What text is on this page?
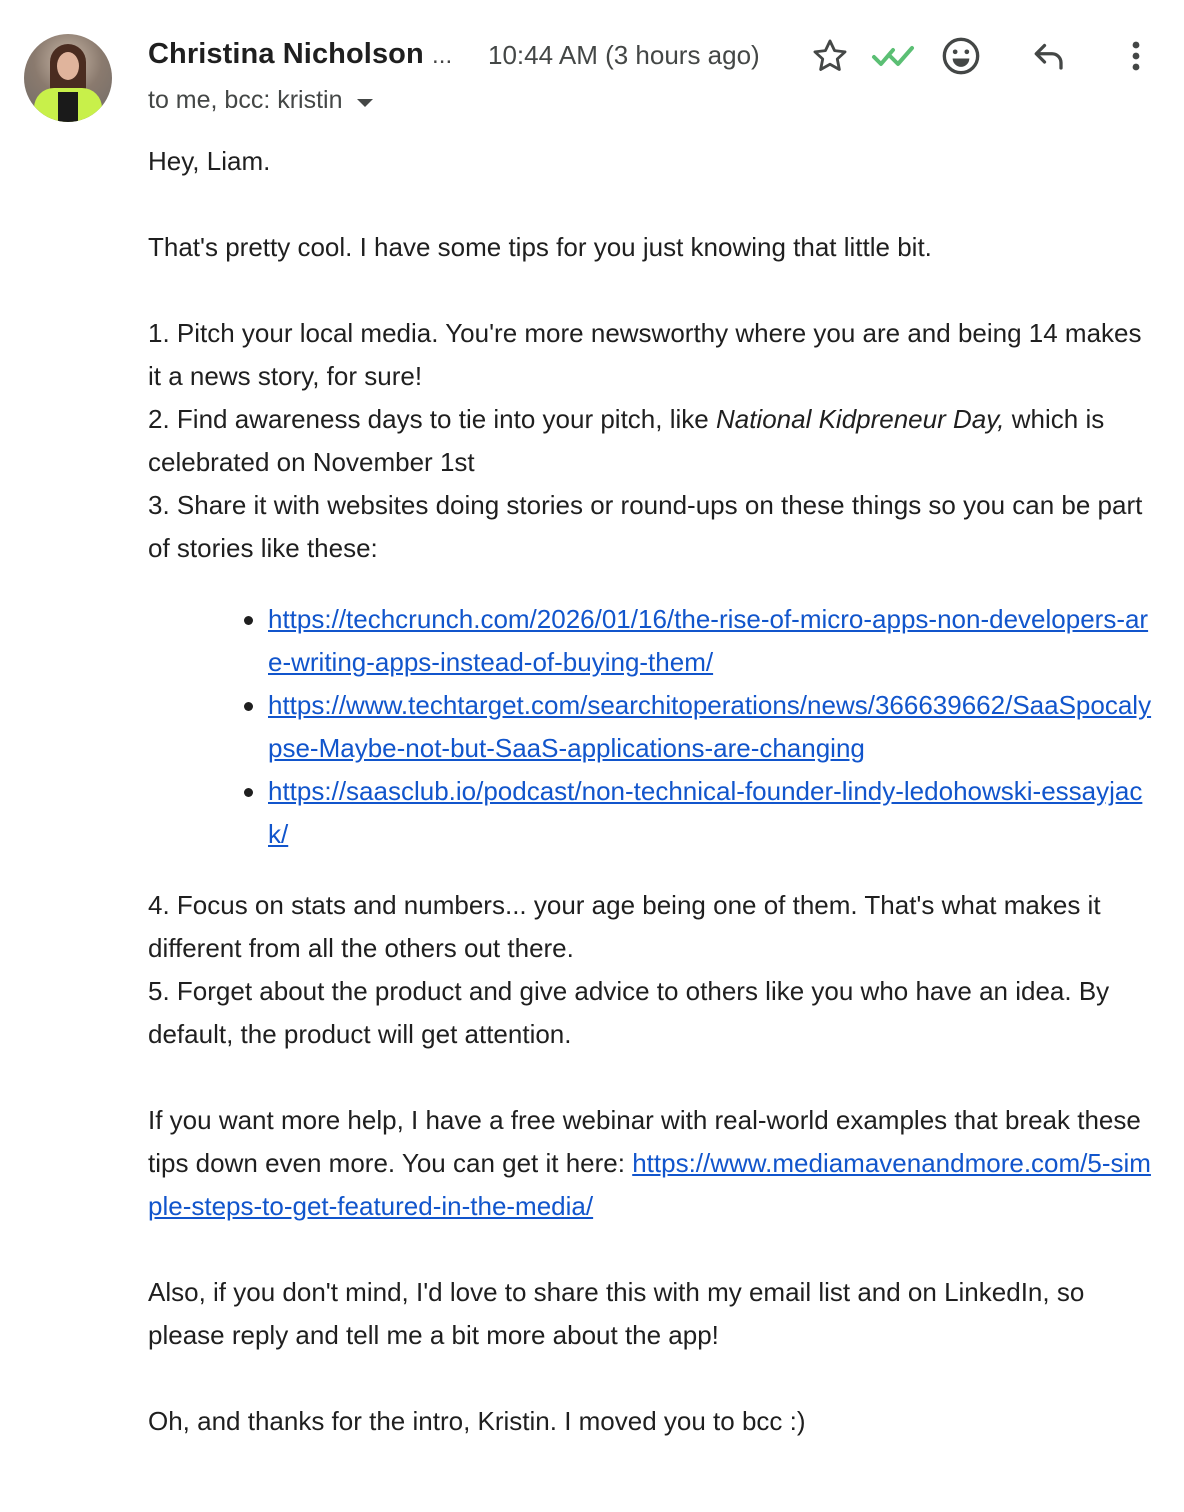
Christina Nicholson ... 10:44 AM (3 hours ago)
to me, bcc: kristin

Hey, Liam.

That's pretty cool. I have some tips for you just knowing that little bit.

1. Pitch your local media. You're more newsworthy where you are and being 14 makes it a news story, for sure!

2. Find awareness days to tie into your pitch, like National Kidpreneur Day, which is celebrated on November 1st

3. Share it with websites doing stories or round-ups on these things so you can be part of stories like these:

https://techcrunch.com/2026/01/16/the-rise-of-micro-apps-non-developers-are-writing-apps-instead-of-buying-them/
https://www.techtarget.com/searchitoperations/news/366639662/SaaSpocalypse-Maybe-not-but-SaaS-applications-are-changing
https://saasclub.io/podcast/non-technical-founder-lindy-ledohowski-essayjack/

4. Focus on stats and numbers... your age being one of them. That's what makes it different from all the others out there.

5. Forget about the product and give advice to others like you who have an idea. By default, the product will get attention.

If you want more help, I have a free webinar with real-world examples that break these tips down even more. You can get it here: https://www.mediamavenandmore.com/5-simple-steps-to-get-featured-in-the-media/

Also, if you don't mind, I'd love to share this with my email list and on LinkedIn, so please reply and tell me a bit more about the app!

Oh, and thanks for the intro, Kristin. I moved you to bcc :)
